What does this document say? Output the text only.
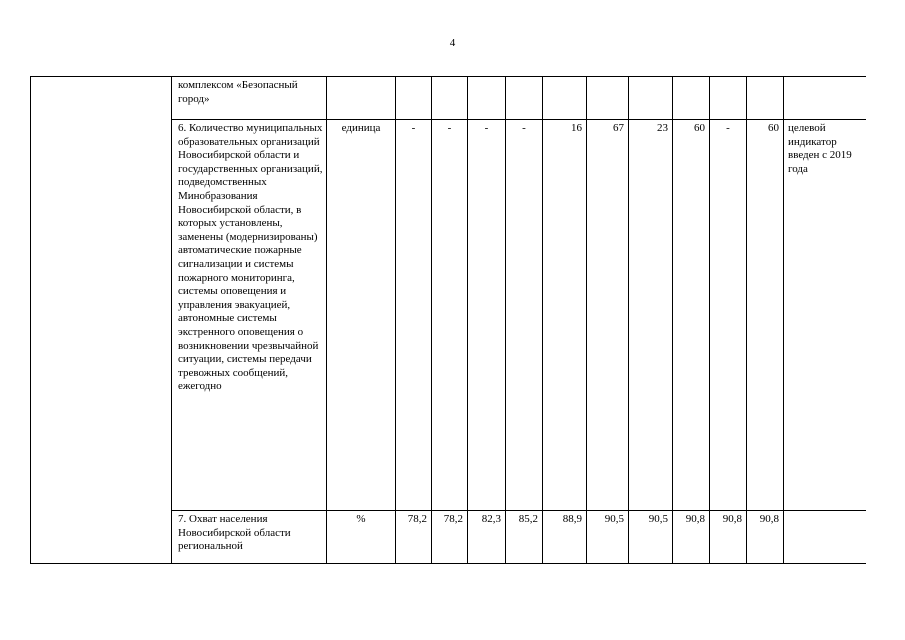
4
	комплексом «Безопасный город»												
	6. Количество муниципальных образовательных организаций Новосибирской области и государственных организаций, подведомственных Минобразования Новосибирской области, в которых установлены, заменены (модернизированы) автоматические пожарные сигнализации и системы пожарного мониторинга, системы оповещения и управления эвакуацией, автономные системы экстренного оповещения о возникновении чрезвычайной ситуации, системы передачи тревожных сообщений, ежегодно	единица	-	-	-	-	16	67	23	60	-	60	целевой индикатор введен с 2019 года
	7. Охват населения Новосибирской области региональной	%	78,2	78,2	82,3	85,2	88,9	90,5	90,5	90,8	90,8	90,8	
